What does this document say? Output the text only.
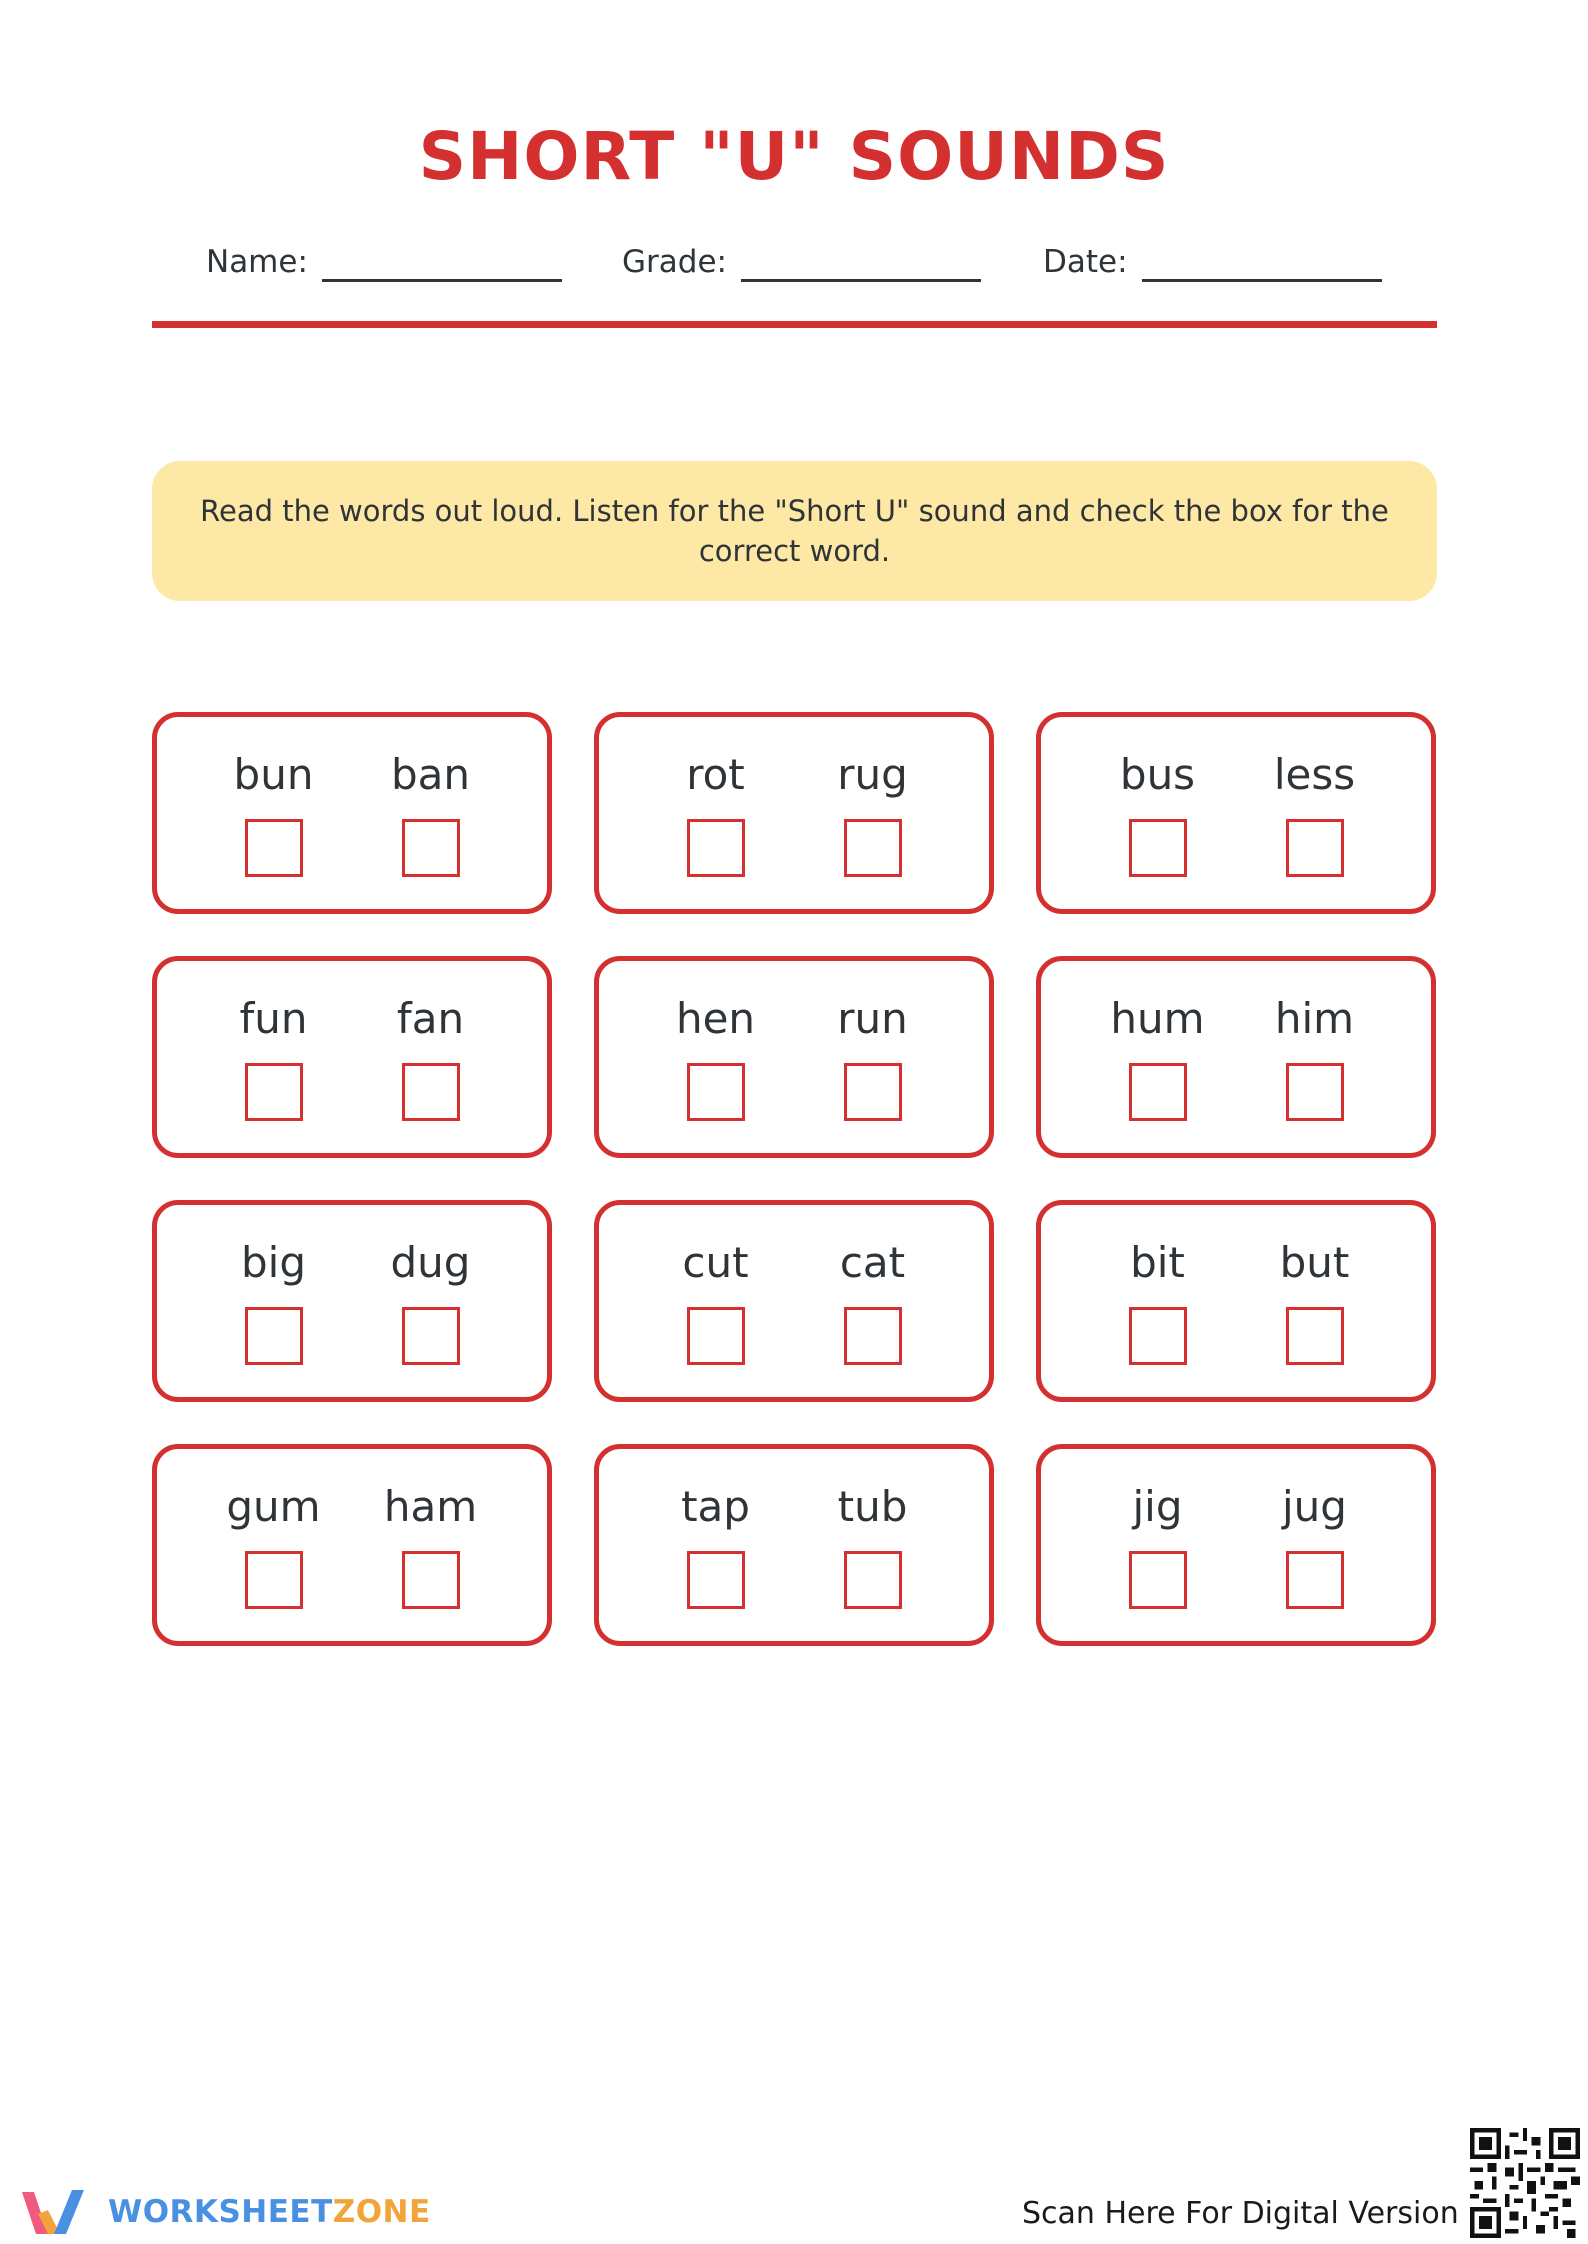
SHORT "U" SOUNDS
Name:	Grade:	Date:
Read the words out loud. Listen for the "Short U" sound and check the box for the correct word.
bun ban	rot rug	bus less
fun fan	hen run	hum him
big dug	cut cat	bit but
gum ham	tap tub	jig jug
WORKSHEETZONE	Scan Here For Digital Version
